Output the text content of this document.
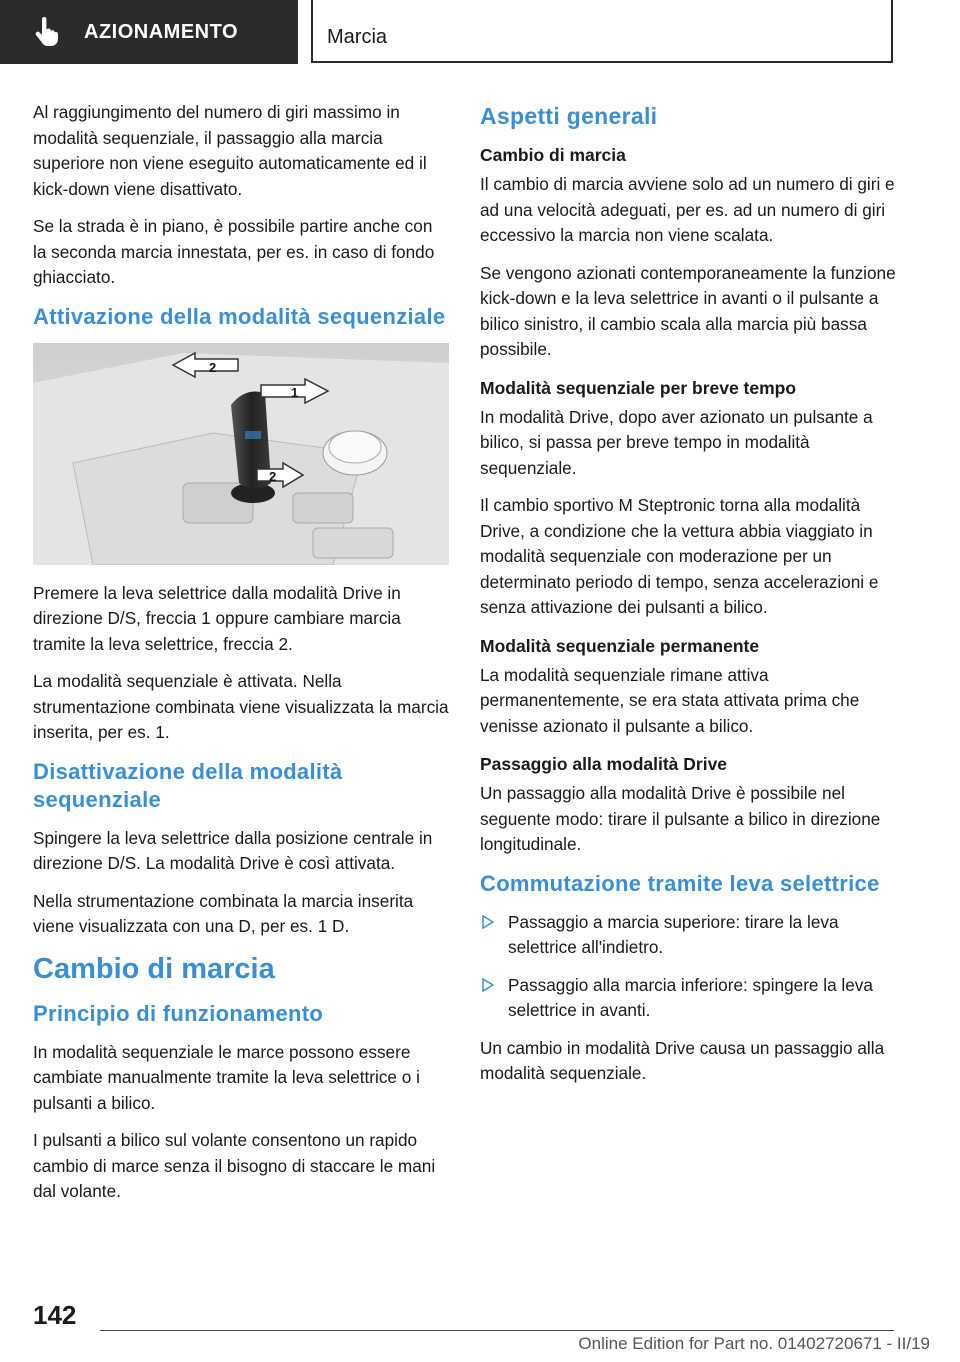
AZIONAMENTO	Marcia

Al raggiungimento del numero di giri massimo in modalità sequenziale, il passaggio alla marcia superiore non viene eseguito automaticamente ed il kick-down viene disattivato.

Se la strada è in piano, è possibile partire anche con la seconda marcia innestata, per es. in caso di fondo ghiacciato.

Attivazione della modalità sequenziale
2
1
2

Premere la leva selettrice dalla modalità Drive in direzione D/S, freccia 1 oppure cambiare marcia tramite la leva selettrice, freccia 2.

La modalità sequenziale è attivata. Nella strumentazione combinata viene visualizzata la marcia inserita, per es. 1.

Disattivazione della modalità sequenziale

Spingere la leva selettrice dalla posizione centrale in direzione D/S. La modalità Drive è così attivata.

Nella strumentazione combinata la marcia inserita viene visualizzata con una D, per es. 1 D.

Cambio di marcia
Principio di funzionamento

In modalità sequenziale le marce possono essere cambiate manualmente tramite la leva selettrice o i pulsanti a bilico.

I pulsanti a bilico sul volante consentono un rapido cambio di marce senza il bisogno di staccare le mani dal volante.

Aspetti generali
Cambio di marcia

Il cambio di marcia avviene solo ad un numero di giri e ad una velocità adeguati, per es. ad un numero di giri eccessivo la marcia non viene scalata.

Se vengono azionati contemporaneamente la funzione kick-down e la leva selettrice in avanti o il pulsante a bilico sinistro, il cambio scala alla marcia più bassa possibile.

Modalità sequenziale per breve tempo

In modalità Drive, dopo aver azionato un pulsante a bilico, si passa per breve tempo in modalità sequenziale.

Il cambio sportivo M Steptronic torna alla modalità Drive, a condizione che la vettura abbia viaggiato in modalità sequenziale con moderazione per un determinato periodo di tempo, senza accelerazioni e senza attivazione dei pulsanti a bilico.

Modalità sequenziale permanente

La modalità sequenziale rimane attiva permanentemente, se era stata attivata prima che venisse azionato il pulsante a bilico.

Passaggio alla modalità Drive

Un passaggio alla modalità Drive è possibile nel seguente modo: tirare il pulsante a bilico in direzione longitudinale.

Commutazione tramite leva selettrice
Passaggio a marcia superiore: tirare la leva selettrice all'indietro.
Passaggio alla marcia inferiore: spingere la leva selettrice in avanti.

Un cambio in modalità Drive causa un passaggio alla modalità sequenziale.

142
Online Edition for Part no. 01402720671 - II/19
